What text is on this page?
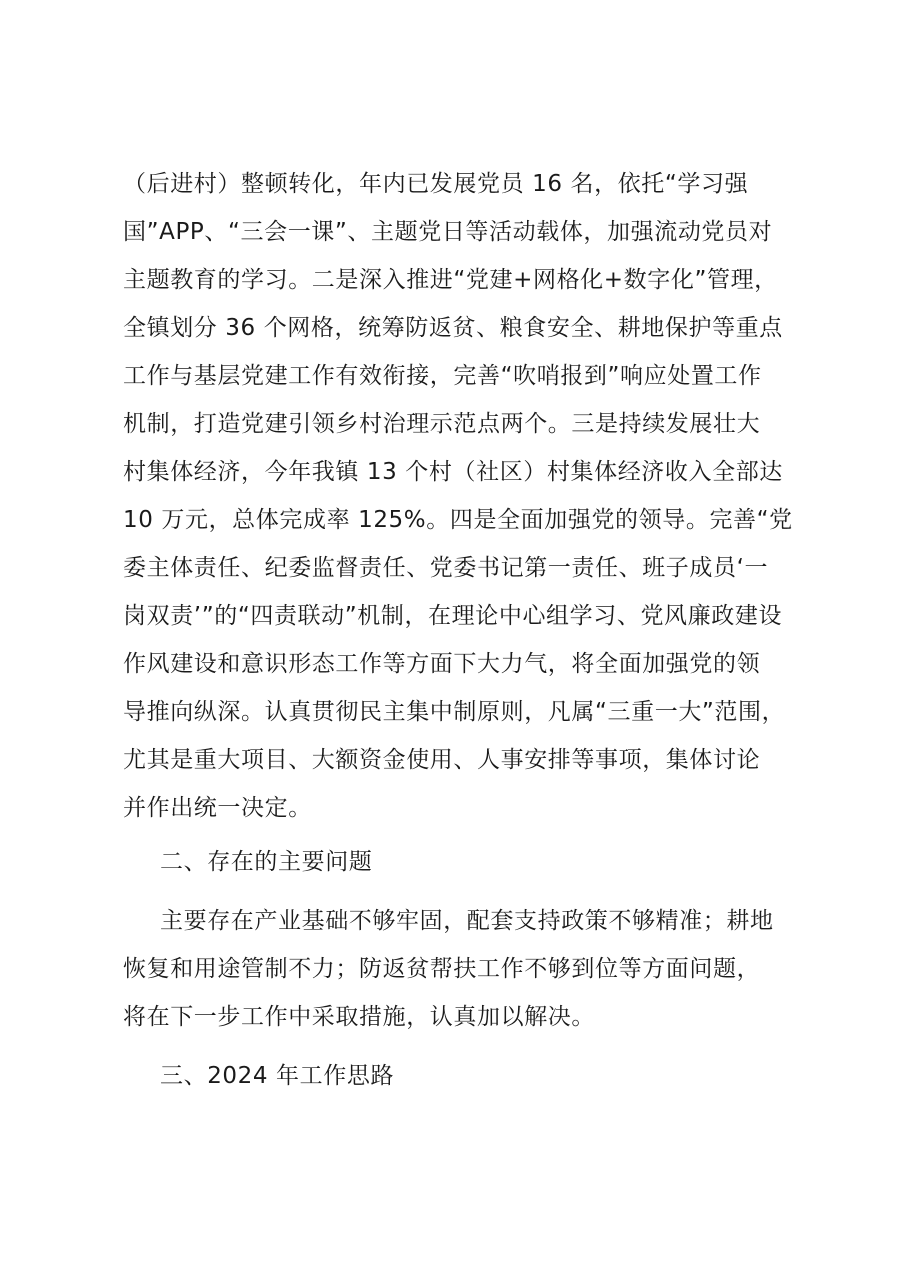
（后进村）整顿转化，年内已发展党员 16 名，依托“学习强
国”APP、“三会一课”、主题党日等活动载体，加强流动党员对
主题教育的学习。二是深入推进“党建+网格化+数字化”管理，
全镇划分 36 个网格，统筹防返贫、粮食安全、耕地保护等重点
工作与基层党建工作有效衔接，完善“吹哨报到”响应处置工作
机制，打造党建引领乡村治理示范点两个。三是持续发展壮大
村集体经济，今年我镇 13 个村（社区）村集体经济收入全部达
10 万元，总体完成率 125%。四是全面加强党的领导。完善“党
委主体责任、纪委监督责任、党委书记第一责任、班子成员‘一
岗双责’”的“四责联动”机制，在理论中心组学习、党风廉政建设
作风建设和意识形态工作等方面下大力气，将全面加强党的领
导推向纵深。认真贯彻民主集中制原则，凡属“三重一大”范围，
尤其是重大项目、大额资金使用、人事安排等事项，集体讨论
并作出统一决定。
二、存在的主要问题
主要存在产业基础不够牢固，配套支持政策不够精准；耕地
恢复和用途管制不力；防返贫帮扶工作不够到位等方面问题，
将在下一步工作中采取措施，认真加以解决。
三、2024 年工作思路
